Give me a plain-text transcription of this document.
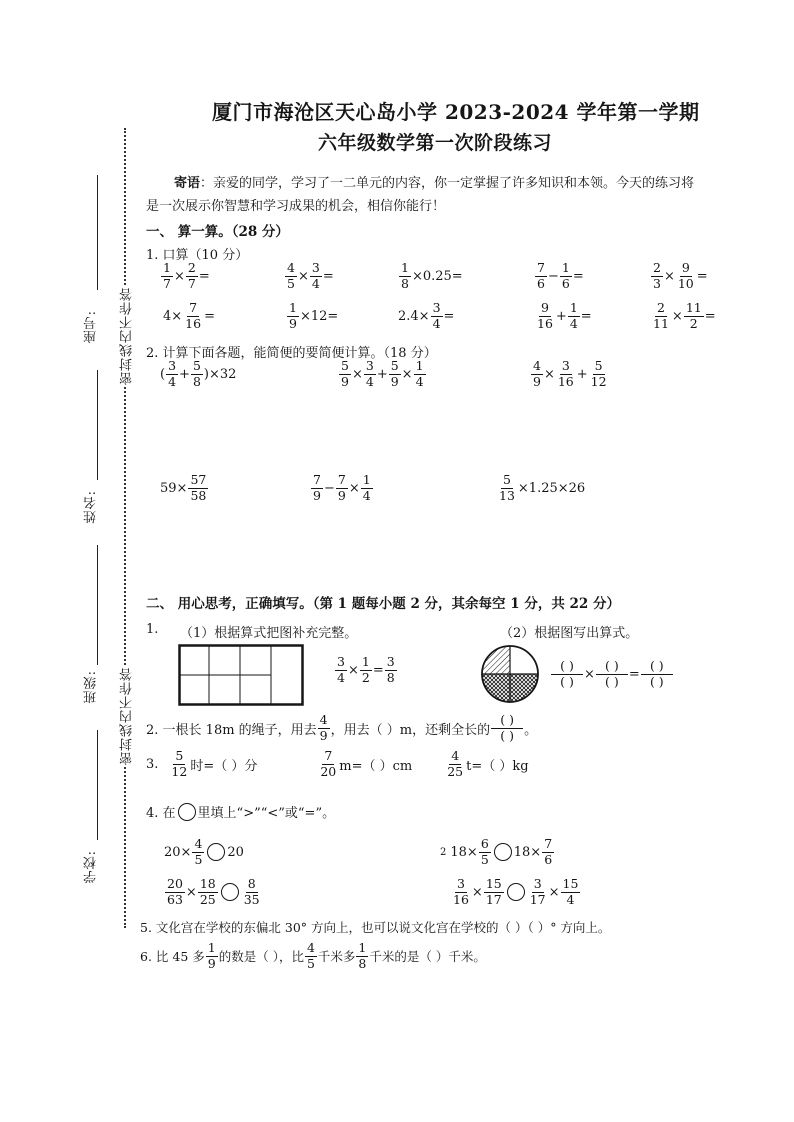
座号:
姓名:
班级:
学校:
密封线内不作答
密封线内不作答
厦门市海沧区天心岛小学 2023-2024 学年第一学期
六年级数学第一次阶段练习
寄语：亲爱的同学，学习了一二单元的内容，你一定掌握了许多知识和本领。今天的练习将
是一次展示你智慧和学习成果的机会，相信你能行！
一、 算一算。（28 分）
1. 口算（10 分）
$\frac{1}{7} \times \frac{2}{7}$ =	$\frac{4}{5} \times \frac{3}{4}$ =	$\frac{1}{8} \times 0.25$ =	$\frac{7}{6} - \frac{1}{6}$ =	$\frac{2}{3} \times \frac{9}{10}$ =
$4\times \frac{7}{16}$ =	$\frac{1}{9} \times 12$ =	$2.4\times \frac{3}{4}$ =	$\frac{9}{16} + \frac{1}{4}$ =	$\frac{2}{11} \times \frac{11}{2}$ =
2. 计算下面各题，能简便的要简便计算。（18 分）
( $\frac{3}{4} + \frac{5}{8} )\times 32$	$\frac{5}{9} \times \frac{3}{4} + \frac{5}{9} \times \frac{1}{4}$	$\frac{4}{9} \times \frac{3}{16} + \frac{5}{12}$
$59\times \frac{57}{58}$	$\frac{7}{9} - \frac{7}{9} \times \frac{1}{4}$	$\frac{5}{13} \times 1.25\times 26$
二、 用心思考，正确填写。（第 1 题每小题 2 分，其余每空 1 分，共 22 分）
1. （1）根据算式把图补充完整。	（2）根据图写出算式。
$\frac{3}{4} \times \frac{1}{2} = \frac{3}{8}$	$\frac{( )}{( )} \times \frac{( )}{( )} = \frac{( )}{( )}$
2. 一根长 18m 的绳子，用去 $\frac{4}{9}$ ，用去（ ）m，还剩全长的 $\frac{( )}{( )}$ 。
3. $\frac{5}{12}$ 时=（ ）分	$\frac{7}{20} m=$（ ）cm	$\frac{4}{25} t=$（ ）kg
4. 在 里填上“>”“<”或“=”。
$20\times \frac{4}{5} 20$	2 $18\times \frac{6}{5} 18\times \frac{7}{6}$
$\frac{20}{63} \times \frac{18}{25} \frac{8}{35}$	$\frac{3}{16} \times \frac{15}{17} \frac{3}{17} \times \frac{15}{4}$
5. 文化宫在学校的东偏北 30° 方向上，也可以说文化宫在学校的（ ）（ ）° 方向上。
6. 比 45 多 $\frac{1}{9}$ 的数是（ ），比 $\frac{4}{5}$ 千米多 $\frac{1}{8}$ 千米的是（ ）千米。
